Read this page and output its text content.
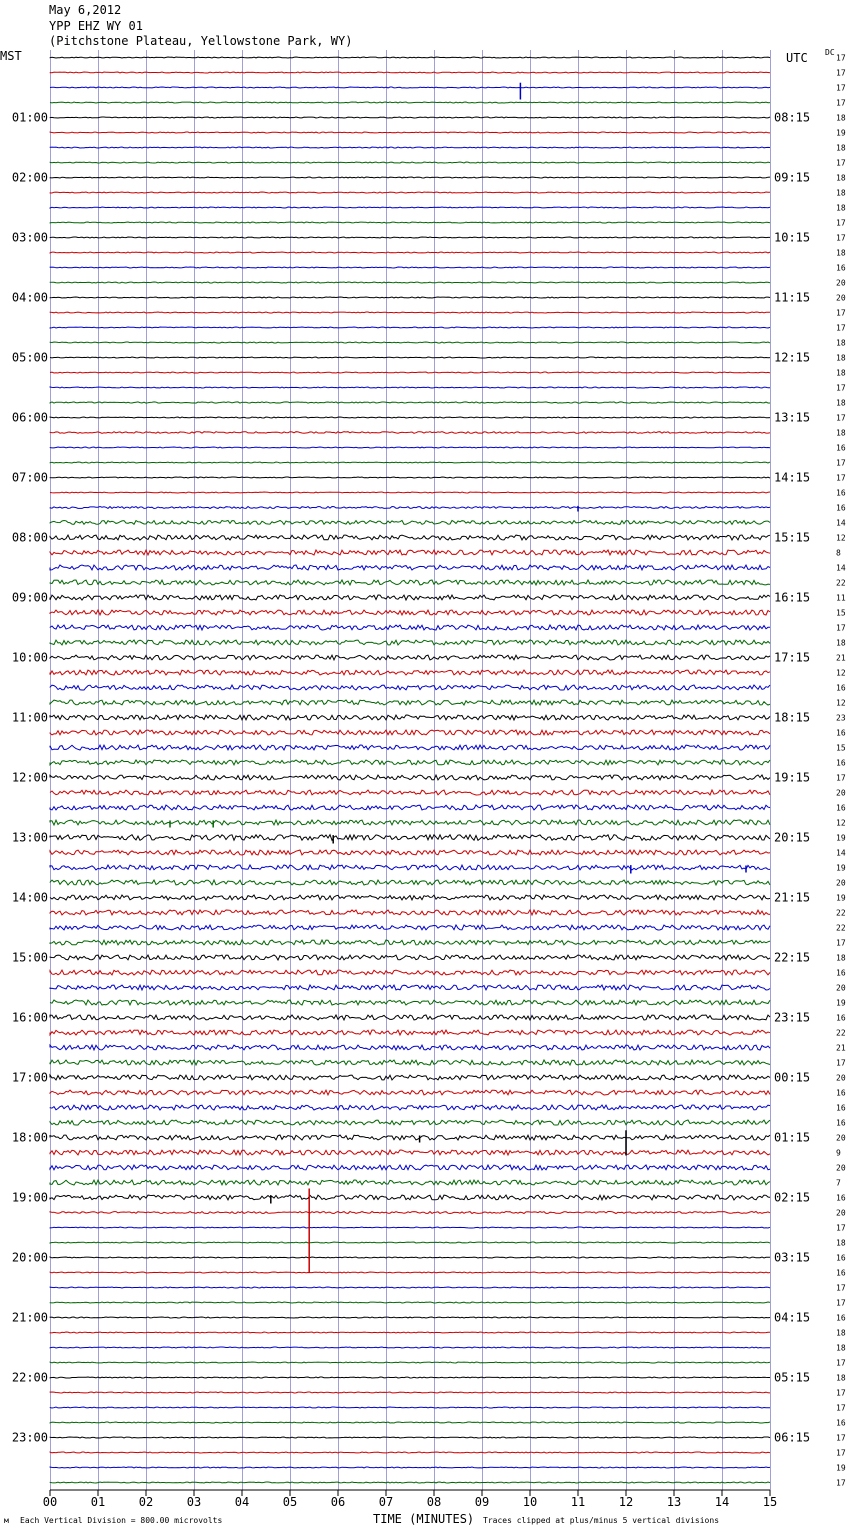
May 6,2012
YPP EHZ WY 01
(Pitchstone Plateau, Yellowstone Park, WY)
MST	UTC DC
00	01	02	03	04	05	06	07	08	09	10	11	12	13	14	15
01:00
02:00
03:00
04:00
05:00
06:00
07:00
08:00
09:00
10:00
11:00
12:00
13:00
14:00
15:00
16:00
17:00
18:00
19:00
20:00
21:00
22:00
23:00
08:15
09:15
10:15
11:15
12:15
13:15
14:15
15:15
16:15
17:15
18:15
19:15
20:15
21:15
22:15
23:15
00:15
01:15
02:15
03:15
04:15
05:15
06:15
17
17
17
17
18
19
18
17
18
18
18
17
17
18
16
20
20
17
17
18
18
18
17
18
17
18
16
17
17
16
16
14
12
8
14
22
11
15
17
18
21
12
16
12
23
16
15
16
17
20
16
12
19
14
19
20
19
22
22
17
18
16
20
19
16
22
21
17
20
16
16
16
20
9
20
7
16
20
17
18
16
16
17
17
16
18
18
17
18
17
17
16
17
17
19
17
м Each Vertical Division = 800.00 microvolts	TIME (MINUTES) Traces clipped at plus/minus 5 vertical divisions
